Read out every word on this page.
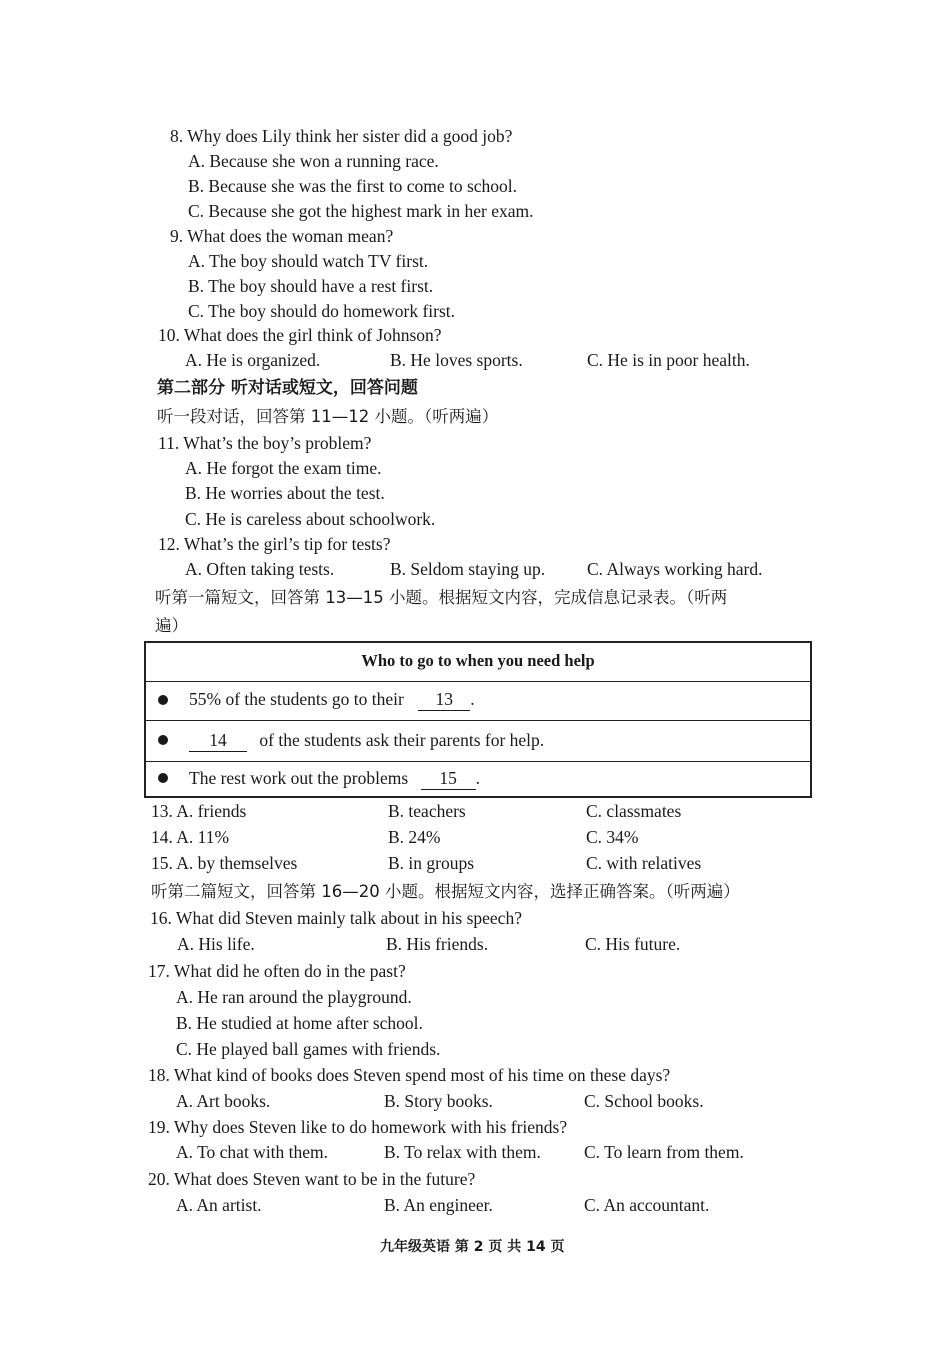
8. Why does Lily think her sister did a good job?
A. Because she won a running race.
B. Because she was the first to come to school.
C. Because she got the highest mark in her exam.
9. What does the woman mean?
A. The boy should watch TV first.
B. The boy should have a rest first.
C. The boy should do homework first.
10. What does the girl think of Johnson?
A. He is organized.	B. He loves sports.	C. He is in poor health.
第二部分 听对话或短文，回答问题
听一段对话，回答第 11—12 小题。（听两遍）
11. What’s the boy’s problem?
A. He forgot the exam time.
B. He worries about the test.
C. He is careless about schoolwork.
12. What’s the girl’s tip for tests?
A. Often taking tests.	B. Seldom staying up. C. Always working hard.
听第一篇短文，回答第 13—15 小题。根据短文内容，完成信息记录表。（听两
遍）
Who to go to when you need help
55% of the students go to their 13 .
14 of the students ask their parents for help.
The rest work out the problems 15 .
13. A. friends	B. teachers	C. classmates
14. A. 11%	B. 24%	C. 34%
15. A. by themselves	B. in groups	C. with relatives
听第二篇短文，回答第 16—20 小题。根据短文内容，选择正确答案。（听两遍）
16. What did Steven mainly talk about in his speech?
A. His life.	B. His friends.	C. His future.
17. What did he often do in the past?
A. He ran around the playground.
B. He studied at home after school.
C. He played ball games with friends.
18. What kind of books does Steven spend most of his time on these days?
A. Art books.	B. Story books.	C. School books.
19. Why does Steven like to do homework with his friends?
A. To chat with them.	B. To relax with them. C. To learn from them.
20. What does Steven want to be in the future?
A. An artist.	B. An engineer.	C. An accountant.
九年级英语 第 2 页 共 14 页
